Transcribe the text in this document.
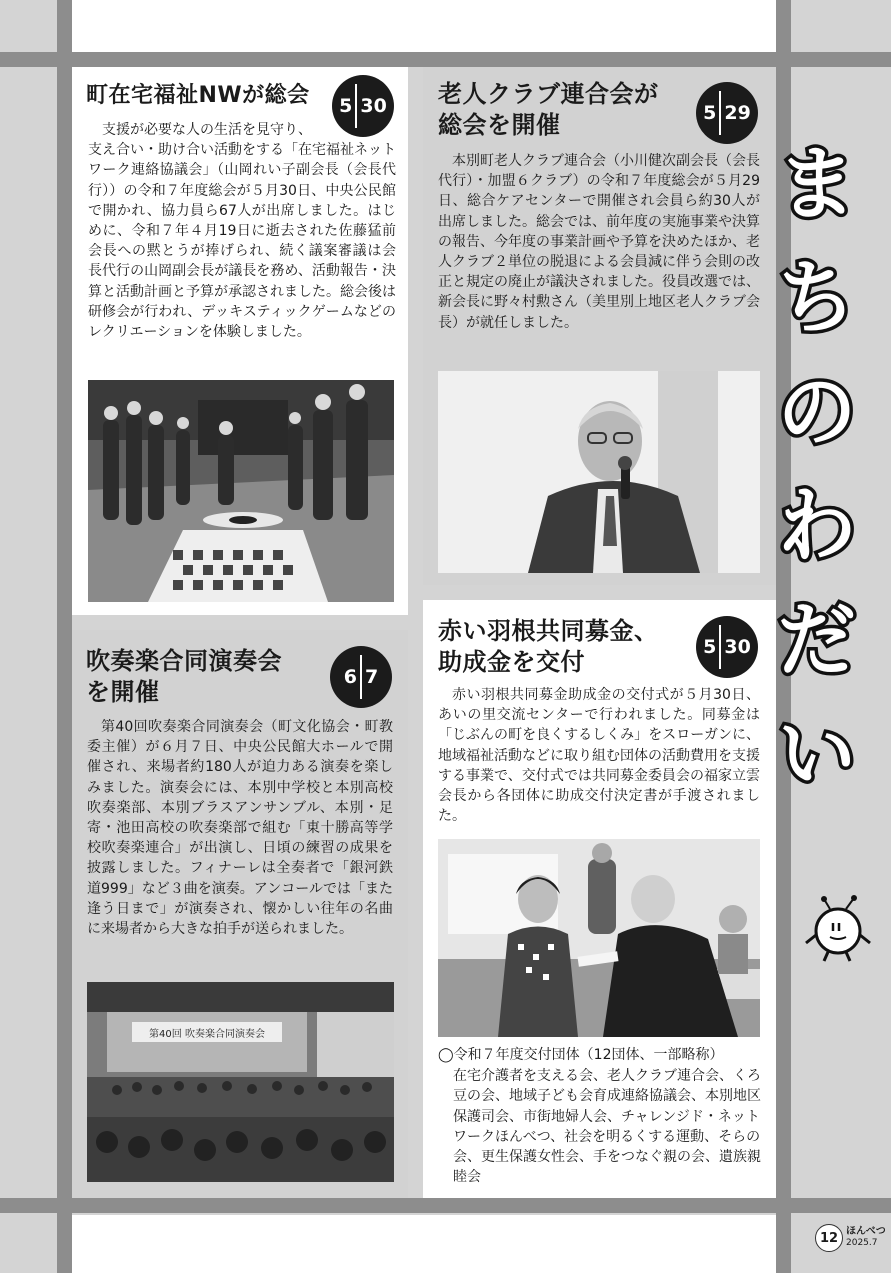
町在宅福祉NWが総会 5 30

支援が必要な人の生活を見守り、
支え合い・助け合い活動をする「在宅福祉ネットワーク連絡協議会」（山岡れい子副会長（会長代行））の令和７年度総会が５月30日、中央公民館で開かれ、協力員ら67人が出席しました。はじめに、令和７年４月19日に逝去された佐藤猛前会長への黙とうが捧げられ、続く議案審議は会長代行の山岡副会長が議長を務め、活動報告・決算と活動計画と予算が承認されました。総会後は研修会が行われ、デッキスティックゲームなどのレクリエーションを体験しました。

老人クラブ連合会が
総会を開催	5 29

本別町老人クラブ連合会（小川健次副会長（会長代行）・加盟６クラブ）の令和７年度総会が５月29日、総合ケアセンターで開催され会員ら約30人が出席しました。総会では、前年度の実施事業や決算の報告、今年度の事業計画や予算を決めたほか、老人クラブ２単位の脱退による会員減に伴う会則の改正と規定の廃止が議決されました。役員改選では、新会長に野々村勲さん（美里別上地区老人クラブ会長）が就任しました。

吹奏楽合同演奏会
を開催
6 7

第40回吹奏楽合同演奏会（町文化協会・町教委主催）が６月７日、中央公民館大ホールで開催され、来場者約180人が迫力ある演奏を楽しみました。演奏会には、本別中学校と本別高校吹奏楽部、本別ブラスアンサンブル、本別・足寄・池田高校の吹奏楽部で組む「東十勝高等学校吹奏楽連合」が出演し、日頃の練習の成果を披露しました。フィナーレは全奏者で「銀河鉄道999」など３曲を演奏。アンコールでは「また逢う日まで」が演奏され、懐かしい往年の名曲に来場者から大きな拍手が送られました。

第40回 吹奏楽合同演奏会
赤い羽根共同募金、
助成金を交付
5 30

赤い羽根共同募金助成金の交付式が５月30日、あいの里交流センターで行われました。同募金は「じぶんの町を良くするしくみ」をスローガンに、地域福祉活動などに取り組む団体の活動費用を支援する事業で、交付式では共同募金委員会の福家立雲会長から各団体に助成交付決定書が手渡されました。

◯令和７年度交付団体（12団体、一部略称）

在宅介護者を支える会、老人クラブ連合会、くろ豆の会、地域子ども会育成連絡協議会、本別地区保護司会、市街地婦人会、チャレンジド・ネットワークほんべつ、社会を明るくする運動、そらの会、更生保護女性会、手をつなぐ親の会、遺族親睦会

まちのわだい
12 ほんべつ
2025.7
